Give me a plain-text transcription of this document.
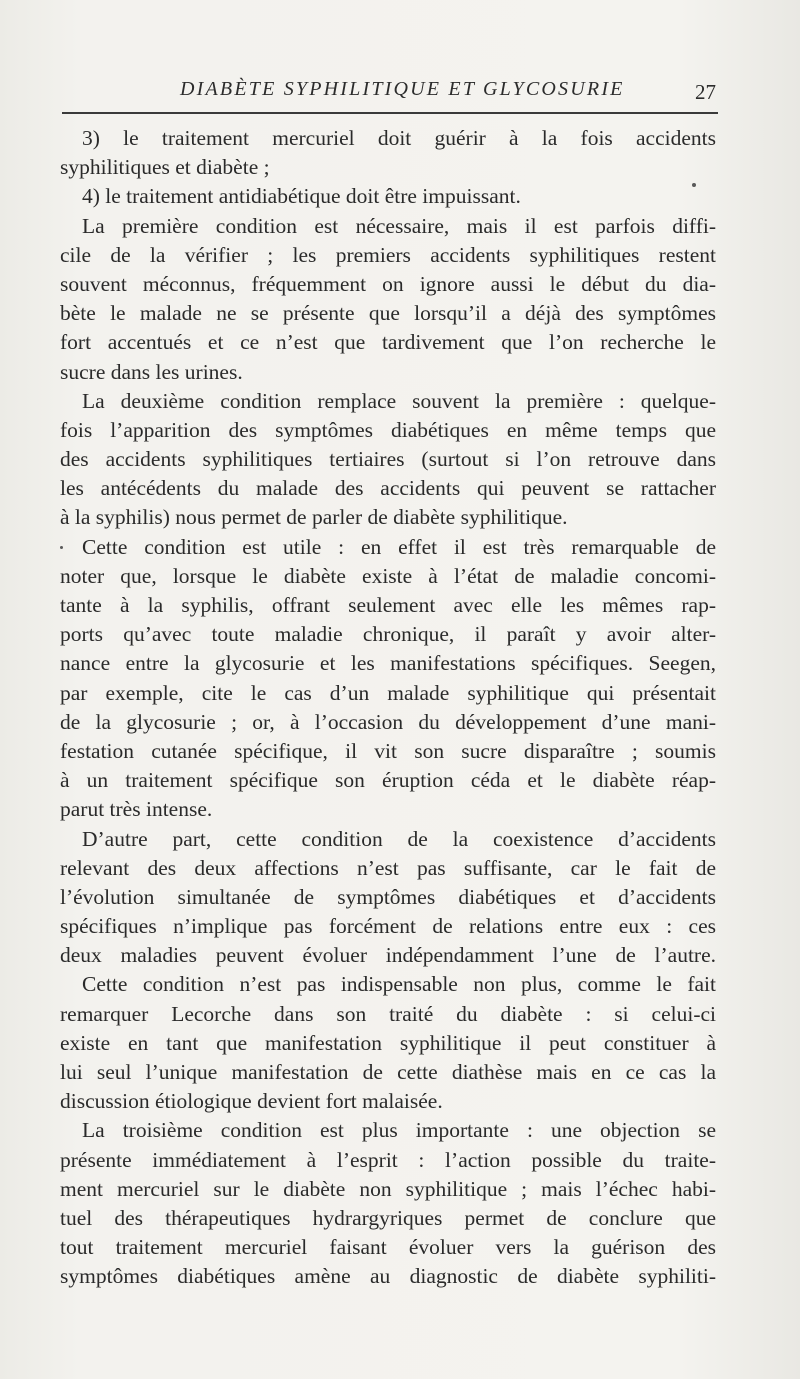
DIABÈTE SYPHILITIQUE ET GLYCOSURIE	27
3) le traitement mercuriel doit guérir à la fois accidents
syphilitiques et diabète ;
4) le traitement antidiabétique doit être impuissant.
La première condition est nécessaire, mais il est parfois diffi-
cile de la vérifier ; les premiers accidents syphilitiques restent
souvent méconnus, fréquemment on ignore aussi le début du dia-
bète le malade ne se présente que lorsqu’il a déjà des symptômes
fort accentués et ce n’est que tardivement que l’on recherche le
sucre dans les urines.
La deuxième condition remplace souvent la première : quelque-
fois l’apparition des symptômes diabétiques en même temps que
des accidents syphilitiques tertiaires (surtout si l’on retrouve dans
les antécédents du malade des accidents qui peuvent se rattacher
à la syphilis) nous permet de parler de diabète syphilitique.
Cette condition est utile : en effet il est très remarquable de
noter que, lorsque le diabète existe à l’état de maladie concomi-
tante à la syphilis, offrant seulement avec elle les mêmes rap-
ports qu’avec toute maladie chronique, il paraît y avoir alter-
nance entre la glycosurie et les manifestations spécifiques. Seegen,
par exemple, cite le cas d’un malade syphilitique qui présentait
de la glycosurie ; or, à l’occasion du développement d’une mani-
festation cutanée spécifique, il vit son sucre disparaître ; soumis
à un traitement spécifique son éruption céda et le diabète réap-
parut très intense.
D’autre part, cette condition de la coexistence d’accidents
relevant des deux affections n’est pas suffisante, car le fait de
l’évolution simultanée de symptômes diabétiques et d’accidents
spécifiques n’implique pas forcément de relations entre eux : ces
deux maladies peuvent évoluer indépendamment l’une de l’autre.
Cette condition n’est pas indispensable non plus, comme le fait
remarquer Lecorche dans son traité du diabète : si celui-ci
existe en tant que manifestation syphilitique il peut constituer à
lui seul l’unique manifestation de cette diathèse mais en ce cas la
discussion étiologique devient fort malaisée.
La troisième condition est plus importante : une objection se
présente immédiatement à l’esprit : l’action possible du traite-
ment mercuriel sur le diabète non syphilitique ; mais l’échec habi-
tuel des thérapeutiques hydrargyriques permet de conclure que
tout traitement mercuriel faisant évoluer vers la guérison des
symptômes diabétiques amène au diagnostic de diabète syphiliti-
